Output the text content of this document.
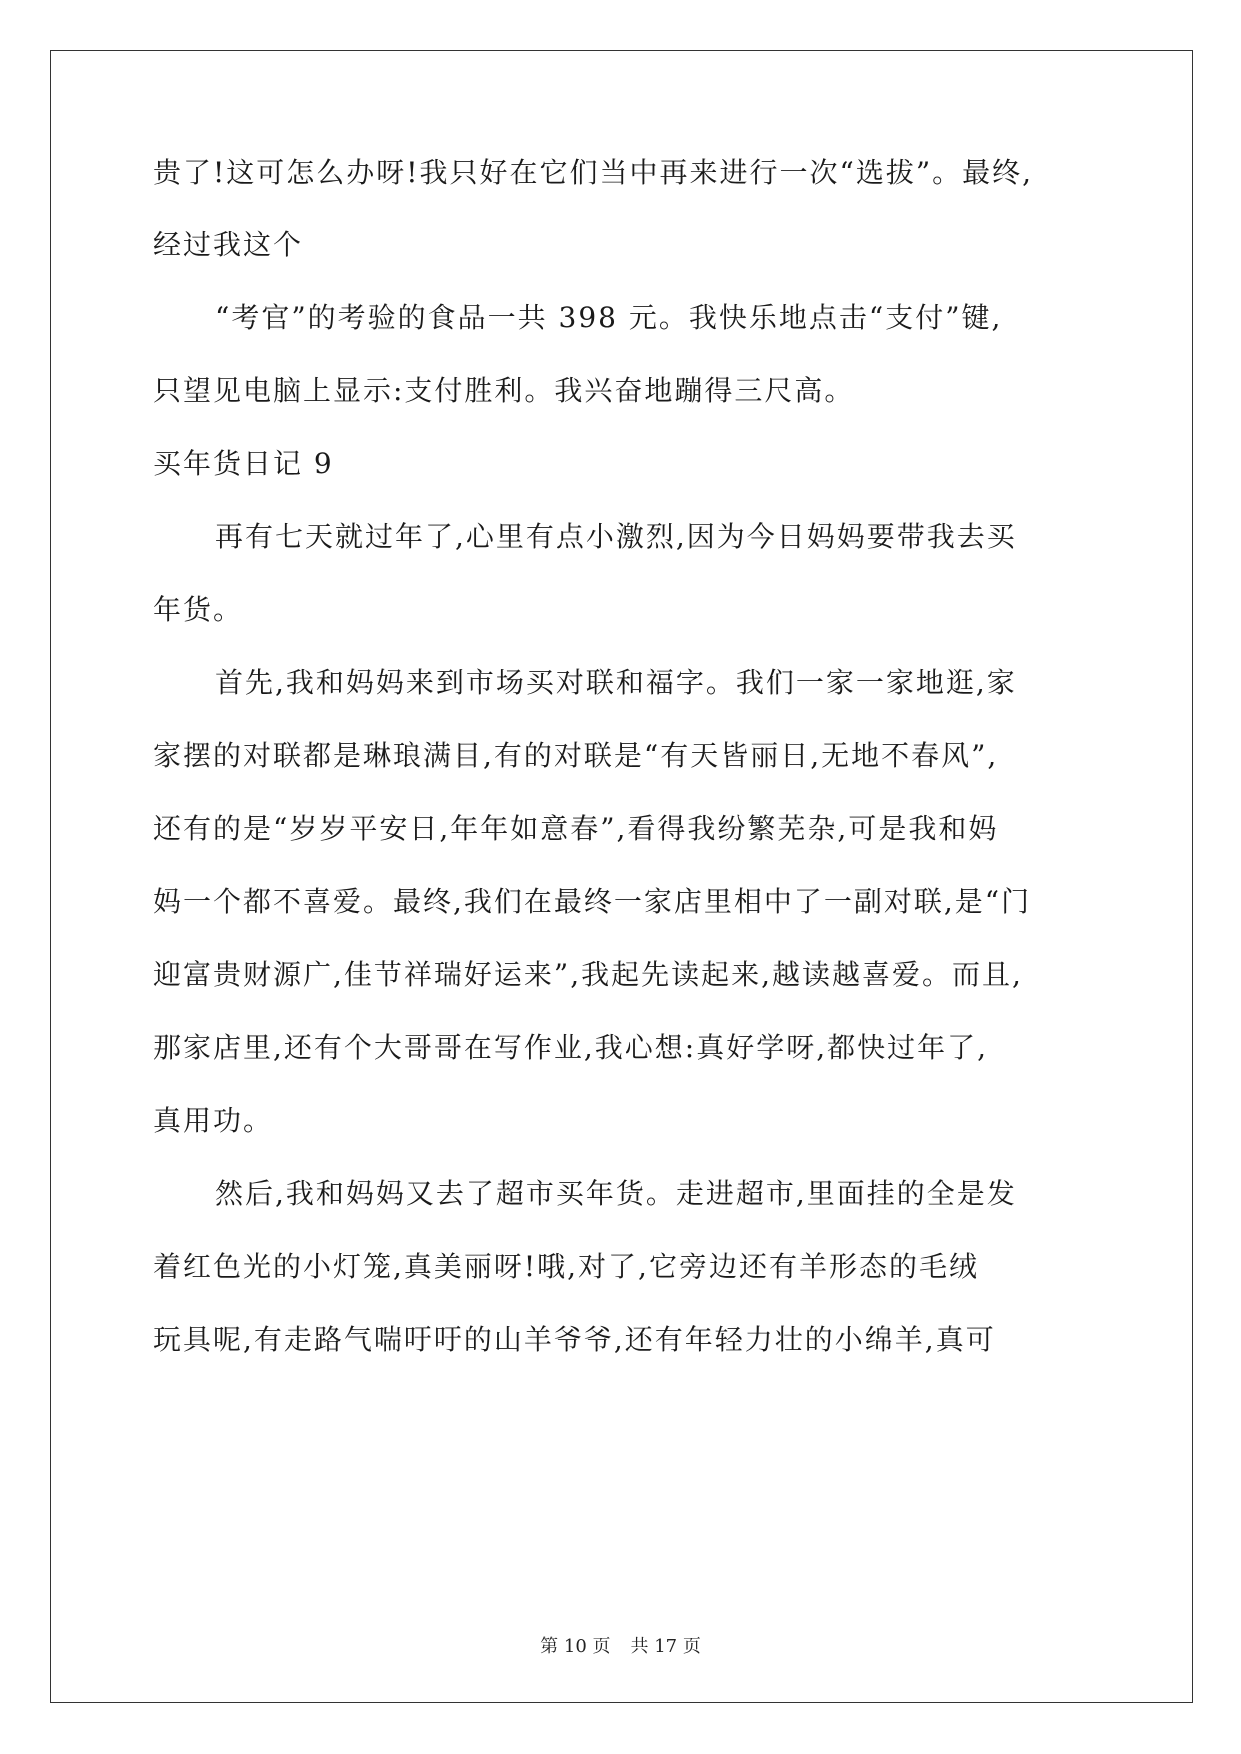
贵了!这可怎么办呀!我只好在它们当中再来进行一次“选拔”。最终,

经过我这个

“考官”的考验的食品一共 398 元。我快乐地点击“支付”键,

只望见电脑上显示:支付胜利。我兴奋地蹦得三尺高。

买年货日记 9

再有七天就过年了,心里有点小激烈,因为今日妈妈要带我去买

年货。

首先,我和妈妈来到市场买对联和福字。我们一家一家地逛,家

家摆的对联都是琳琅满目,有的对联是“有天皆丽日,无地不春风”,

还有的是“岁岁平安日,年年如意春”,看得我纷繁芜杂,可是我和妈

妈一个都不喜爱。最终,我们在最终一家店里相中了一副对联,是“门

迎富贵财源广,佳节祥瑞好运来”,我起先读起来,越读越喜爱。而且,

那家店里,还有个大哥哥在写作业,我心想:真好学呀,都快过年了,

真用功。

然后,我和妈妈又去了超市买年货。走进超市,里面挂的全是发

着红色光的小灯笼,真美丽呀!哦,对了,它旁边还有羊形态的毛绒

玩具呢,有走路气喘吁吁的山羊爷爷,还有年轻力壮的小绵羊,真可

第 10 页 共 17 页
